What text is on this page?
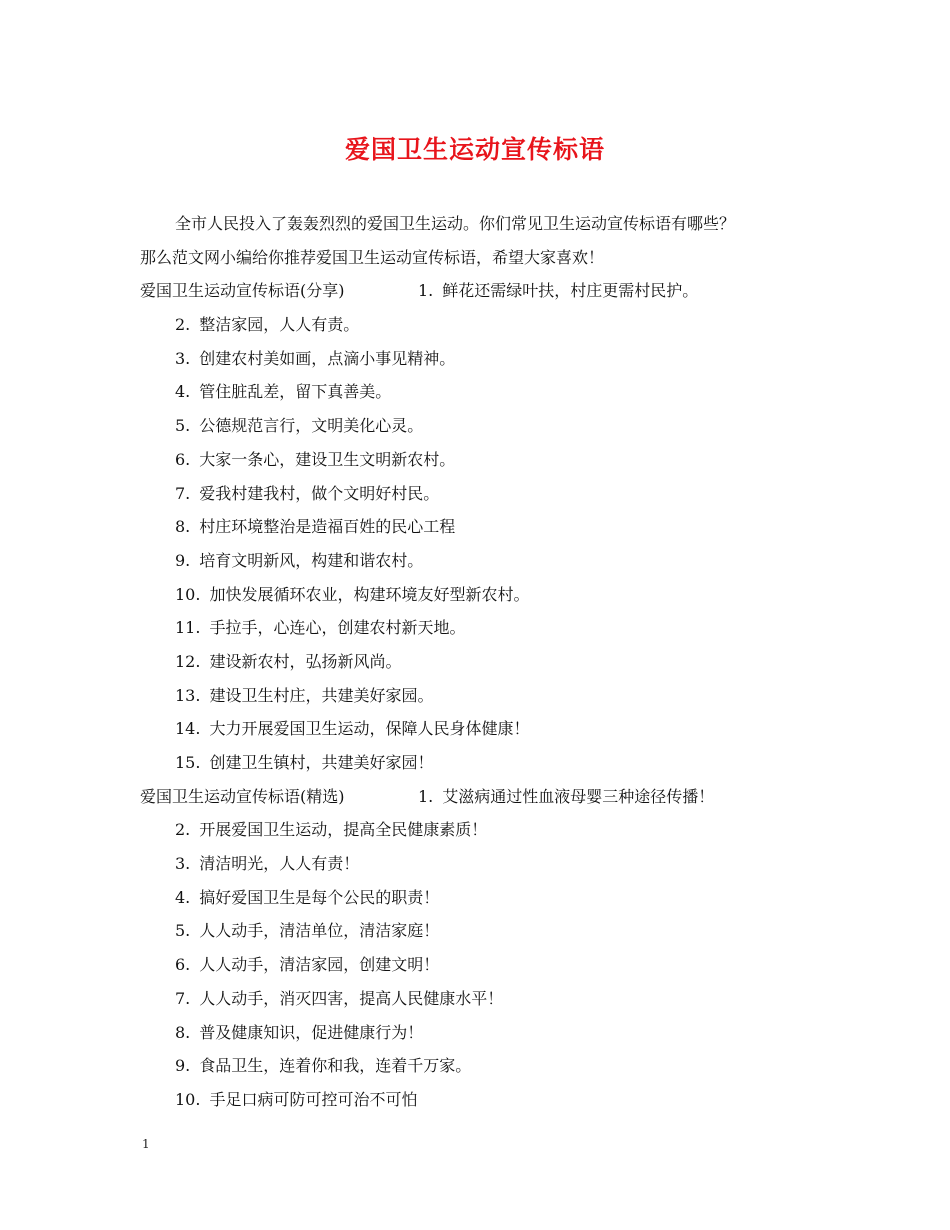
爱国卫生运动宣传标语
全市人民投入了轰轰烈烈的爱国卫生运动。你们常见卫生运动宣传标语有哪些？
那么范文网小编给你推荐爱国卫生运动宣传标语，希望大家喜欢！
爱国卫生运动宣传标语(分享)	1. 鲜花还需绿叶扶，村庄更需村民护。
2. 整洁家园，人人有责。
3. 创建农村美如画，点滴小事见精神。
4. 管住脏乱差，留下真善美。
5. 公德规范言行，文明美化心灵。
6. 大家一条心，建设卫生文明新农村。
7. 爱我村建我村，做个文明好村民。
8. 村庄环境整治是造福百姓的民心工程
9. 培育文明新风，构建和谐农村。
10. 加快发展循环农业，构建环境友好型新农村。
11. 手拉手，心连心，创建农村新天地。
12. 建设新农村，弘扬新风尚。
13. 建设卫生村庄，共建美好家园。
14. 大力开展爱国卫生运动，保障人民身体健康！
15. 创建卫生镇村，共建美好家园！
爱国卫生运动宣传标语(精选)	1. 艾滋病通过性血液母婴三种途径传播！
2. 开展爱国卫生运动，提高全民健康素质！
3. 清洁明光，人人有责！
4. 搞好爱国卫生是每个公民的职责！
5. 人人动手，清洁单位，清洁家庭！
6. 人人动手，清洁家园，创建文明！
7. 人人动手，消灭四害，提高人民健康水平！
8. 普及健康知识，促进健康行为！
9. 食品卫生，连着你和我，连着千万家。
10. 手足口病可防可控可治不可怕
1
